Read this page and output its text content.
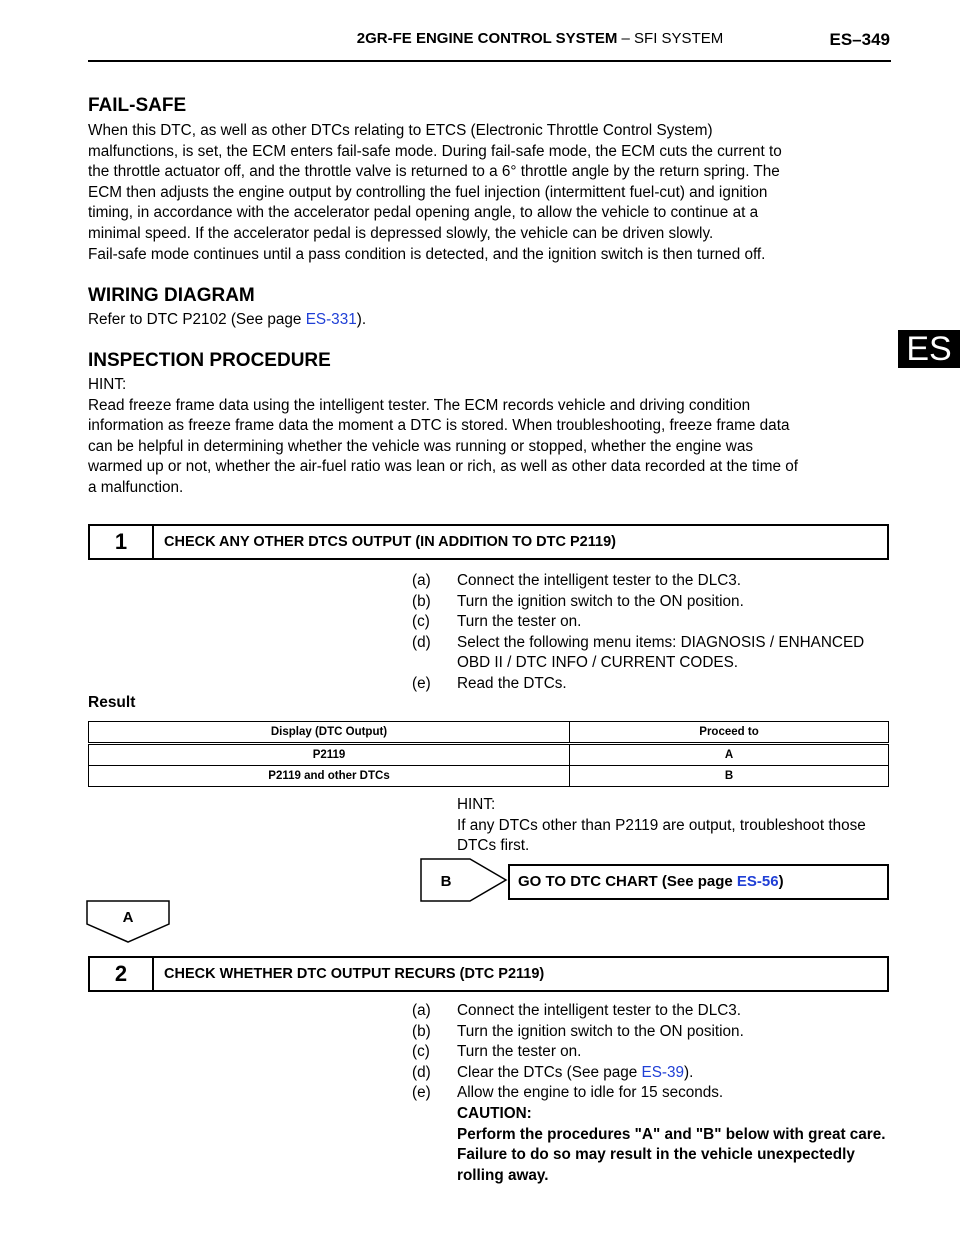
2GR-FE ENGINE CONTROL SYSTEM – SFI SYSTEM	ES–349
ES
FAIL-SAFE
When this DTC, as well as other DTCs relating to ETCS (Electronic Throttle Control System)
malfunctions, is set, the ECM enters fail-safe mode. During fail-safe mode, the ECM cuts the current to
the throttle actuator off, and the throttle valve is returned to a 6° throttle angle by the return spring. The
ECM then adjusts the engine output by controlling the fuel injection (intermittent fuel-cut) and ignition
timing, in accordance with the accelerator pedal opening angle, to allow the vehicle to continue at a
minimal speed. If the accelerator pedal is depressed slowly, the vehicle can be driven slowly.
Fail-safe mode continues until a pass condition is detected, and the ignition switch is then turned off.
WIRING DIAGRAM
Refer to DTC P2102 (See page ES-331).
INSPECTION PROCEDURE
HINT:
Read freeze frame data using the intelligent tester. The ECM records vehicle and driving condition
information as freeze frame data the moment a DTC is stored. When troubleshooting, freeze frame data
can be helpful in determining whether the vehicle was running or stopped, whether the engine was
warmed up or not, whether the air-fuel ratio was lean or rich, as well as other data recorded at the time of
a malfunction.
1	CHECK ANY OTHER DTCS OUTPUT (IN ADDITION TO DTC P2119)
(a) Connect the intelligent tester to the DLC3.
(b) Turn the ignition switch to the ON position.
(c) Turn the tester on.
(d) Select the following menu items: DIAGNOSIS / ENHANCED OBD II / DTC INFO / CURRENT CODES.
(e) Read the DTCs.
Result
Display (DTC Output)	Proceed to
P2119	A
P2119 and other DTCs	B
HINT:
If any DTCs other than P2119 are output, troubleshoot those DTCs first.
B	GO TO DTC CHART (See page ES-56)
A
2	CHECK WHETHER DTC OUTPUT RECURS (DTC P2119)
(a) Connect the intelligent tester to the DLC3.
(b) Turn the ignition switch to the ON position.
(c) Turn the tester on.
(d) Clear the DTCs (See page ES-39).
(e) Allow the engine to idle for 15 seconds.
CAUTION:
Perform the procedures "A" and "B" below with great care. Failure to do so may result in the vehicle unexpectedly rolling away.
